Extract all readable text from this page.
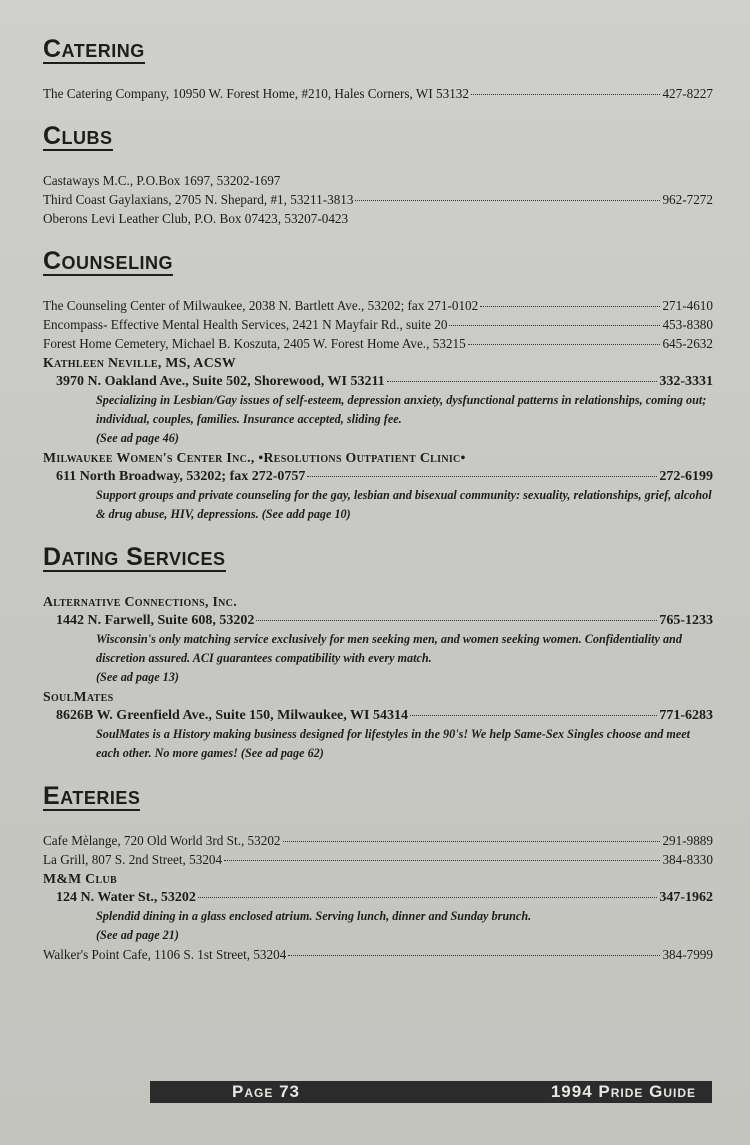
Catering
The Catering Company, 10950 W. Forest Home, #210, Hales Corners, WI 53132	427-8227
Clubs
Castaways M.C., P.O.Box 1697, 53202-1697
Third Coast Gaylaxians, 2705 N. Shepard, #1, 53211-3813	962-7272
Oberons Levi Leather Club, P.O. Box 07423, 53207-0423
Counseling
The Counseling Center of Milwaukee, 2038 N. Bartlett Ave., 53202; fax 271-0102	271-4610
Encompass- Effective Mental Health Services, 2421 N Mayfair Rd., suite 20	453-8380
Forest Home Cemetery, Michael B. Koszuta, 2405 W. Forest Home Ave., 53215	645-2632
Kathleen Neville, MS, ACSW
3970 N. Oakland Ave., Suite 502, Shorewood, WI 53211	332-3331
Specializing in Lesbian/Gay issues of self-esteem, depression anxiety, dysfunctional patterns in relationships, coming out; individual, couples, families. Insurance accepted, sliding fee.
(See ad page 46)
Milwaukee Women's Center Inc., •Resolutions Outpatient Clinic•
611 North Broadway, 53202; fax 272-0757	272-6199
Support groups and private counseling for the gay, lesbian and bisexual community: sexuality, relationships, grief, alcohol & drug abuse, HIV, depressions. (See add page 10)
Dating Services
Alternative Connections, Inc.
1442 N. Farwell, Suite 608, 53202	765-1233
Wisconsin's only matching service exclusively for men seeking men, and women seeking women. Confidentiality and discretion assured. ACI guarantees compatibility with every match.
(See ad page 13)
SoulMates
8626B W. Greenfield Ave., Suite 150, Milwaukee, WI 54314	771-6283
SoulMates is a History making business designed for lifestyles in the 90's! We help Same-Sex Singles choose and meet each other. No more games! (See ad page 62)
Eateries
Cafe Mèlange, 720 Old World 3rd St., 53202	291-9889
La Grill, 807 S. 2nd Street, 53204	384-8330
M&M Club
124 N. Water St., 53202	347-1962
Splendid dining in a glass enclosed atrium. Serving lunch, dinner and Sunday brunch.
(See ad page 21)
Walker's Point Cafe, 1106 S. 1st Street, 53204	384-7999
Page 73	1994 Pride Guide
